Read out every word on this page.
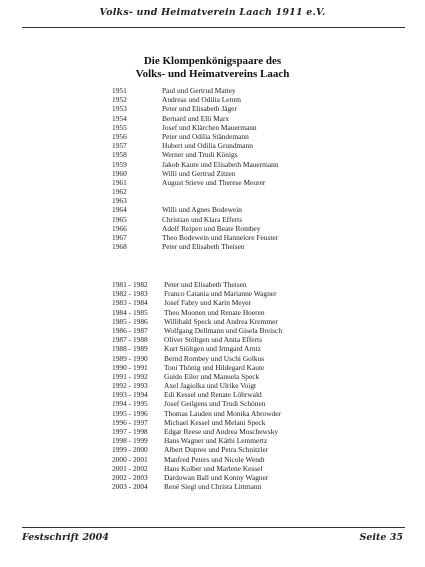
Volks- und Heimatverein Laach 1911 e.V.
Die Klompenkönigspaare des
Volks- und Heimatvereins Laach
1951	Paul und Gertrud Mattey
1952	Andreas und Odilia Lemm
1953	Peter und Elisabeth Jäger
1954	Bernard und Elli Marx
1955	Josef und Klärchen Mauermann
1956	Peter und Odilia Ständemann
1957	Hubert und Odilia Grundmann
1958	Werner und Trudi Königs
1959	Jakob Kaute und Elisabeth Mauermann
1960	Willi und Gertrud Zitzen
1961	August Stieve und Therese Meurer
1962
1963
1964	Willi und Agnes Bodewein
1965	Christian und Klara Efferts
1966	Adolf Reipen und Beate Rombey
1967	Theo Bodewein und Hannelore Feuster
1968	Peter und Elisabeth Theisen
1981 - 1982	Peter und Elisabeth Theisen
1982 - 1983	Franco Catania und Marianne Wagner
1983 - 1984	Josef Fabry und Karin Meyer
1984 - 1985	Theo Moonen und Renate Hoeren
1985 - 1986	Willibald Speck und Andrea Kremmer
1986 - 1987	Wolfgang Dellmann und Gisela Breisch
1987 - 1988	Oliver Stöltgen und Anita Efferts
1988 - 1989	Kurt Stöltgen und Irmgard Arntz
1989 - 1990	Bernd Rombey und Uschi Golkus
1990 - 1991	Toni Thönig und Hildegard Kaute
1991 - 1992	Guido Eiler und Manuela Speck
1992 - 1993	Axel Jagiolka und Ulrike Voigt
1993 - 1994	Edi Kessel und Renate Löhrwald
1994 - 1995	Josef Geilgens und Trudi Schönen
1995 - 1996	Thomas Lauden und Monika Abrowder
1996 - 1997	Michael Kessel und Melani Speck
1997 - 1998	Edgar Reese und Andrea Moschewsky
1998 - 1999	Hans Wagner und Käthi Lemmertz
1999 - 2000	Albert Dupree und Petra Schnitzler
2000 - 2001	Manfred Peters und Nicole Wendt
2001 - 2002	Hans Kolber und Marlene Kessel
2002 - 2003	Dardowan Ball und Konny Wagner
2003 - 2004	René Siegl und Christa Littmann
Festschrift 2004	Seite 35
